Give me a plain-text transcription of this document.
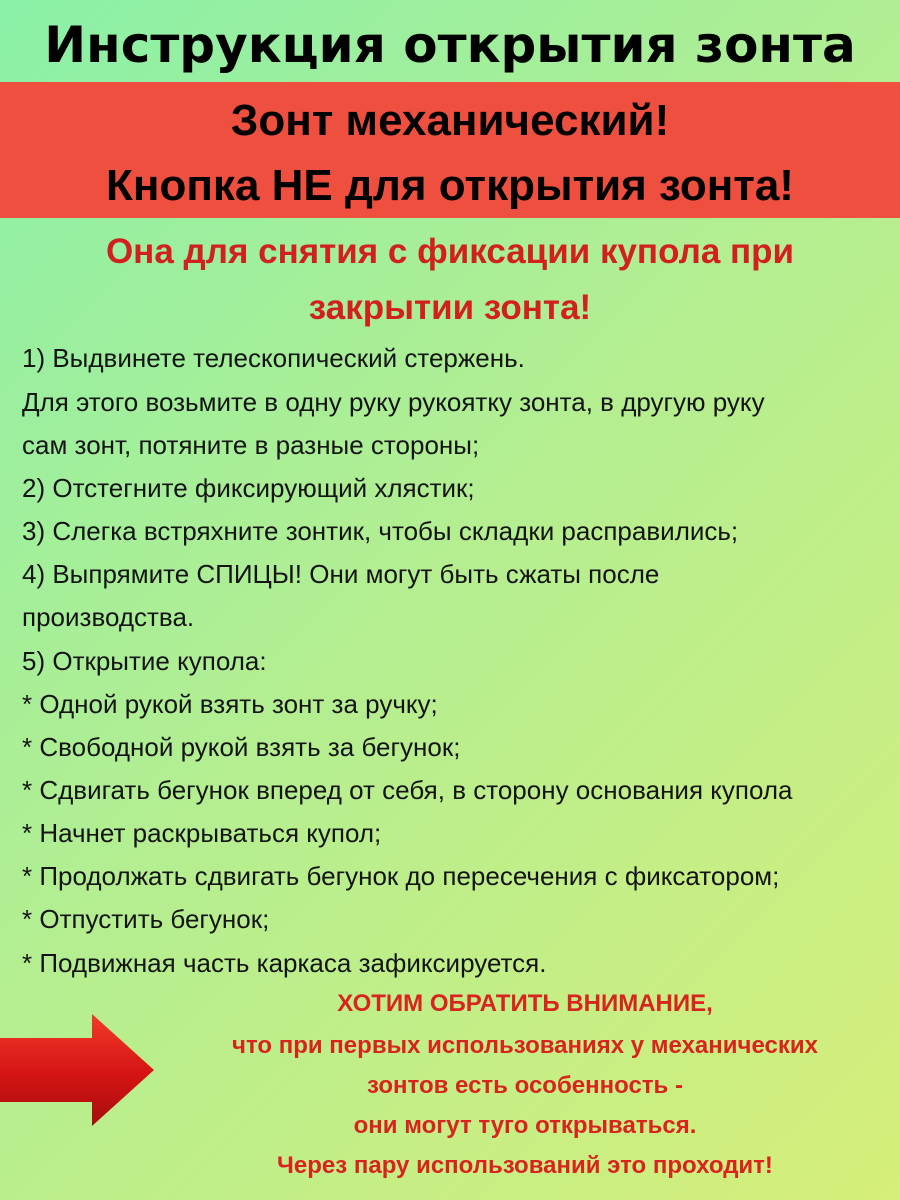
Инструкция открытия зонта
Зонт механический!
Кнопка НЕ для открытия зонта!
Она для снятия с фиксации купола при
закрытии зонта!
1) Выдвинете телескопический стержень.
Для этого возьмите в одну руку рукоятку зонта, в другую руку
сам зонт, потяните в разные стороны;
2) Отстегните фиксирующий хлястик;
3) Слегка встряхните зонтик, чтобы складки расправились;
4) Выпрямите СПИЦЫ! Они могут быть сжаты после
производства.
5) Открытие купола:
* Одной рукой взять зонт за ручку;
* Свободной рукой взять за бегунок;
* Сдвигать бегунок вперед от себя, в сторону основания купола
* Начнет раскрываться купол;
* Продолжать сдвигать бегунок до пересечения с фиксатором;
* Отпустить бегунок;
* Подвижная часть каркаса зафиксируется.
ХОТИМ ОБРАТИТЬ ВНИМАНИЕ,
что при первых использованиях у механических
зонтов есть особенность -
они могут туго открываться.
Через пару использований это проходит!
